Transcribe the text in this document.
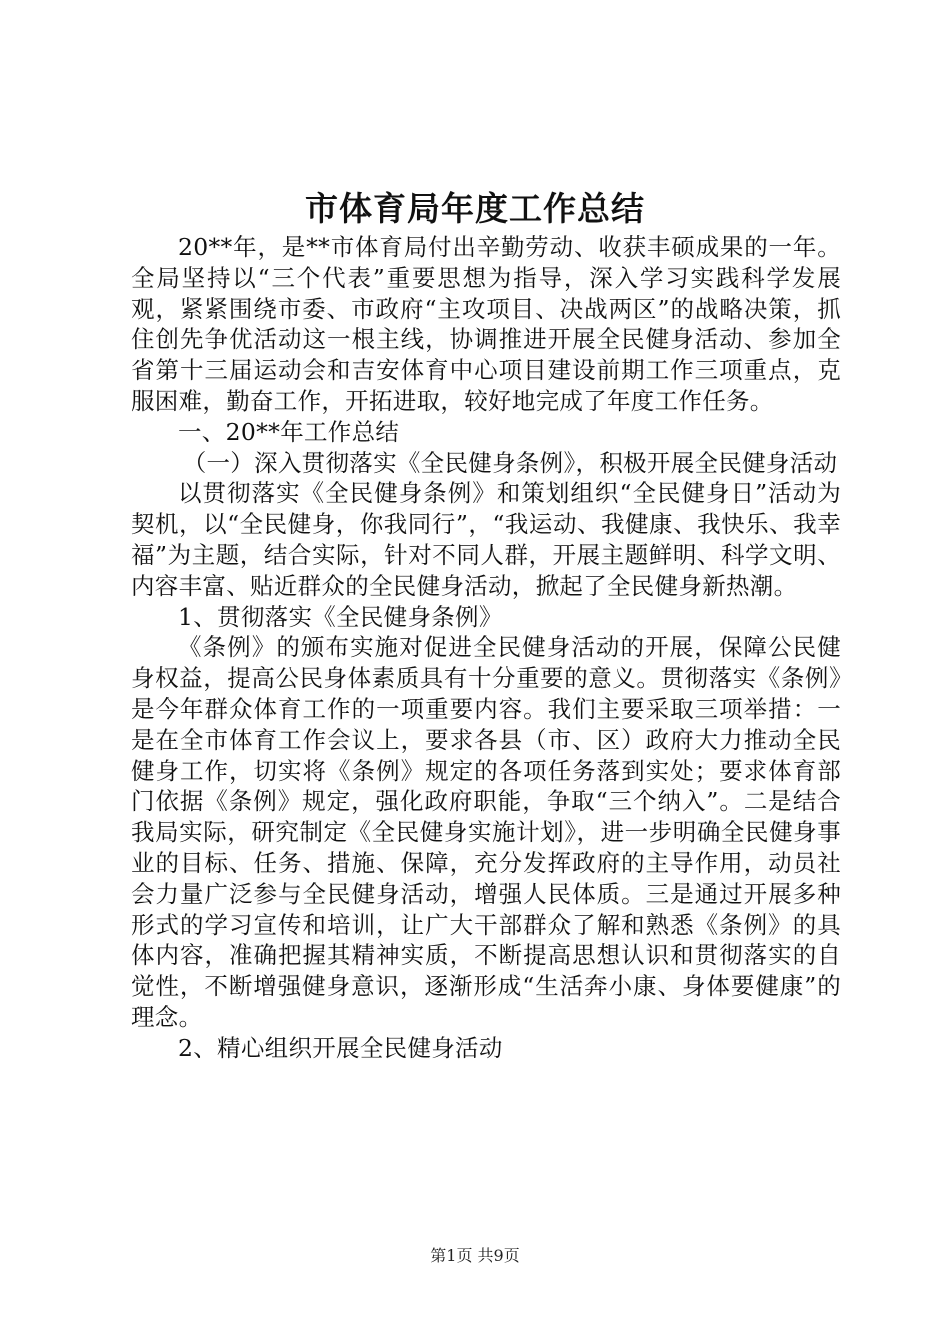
市体育局年度工作总结

20**年，是**市体育局付出辛勤劳动、收获丰硕成果的一年。全局坚持以“三个代表”重要思想为指导，深入学习实践科学发展观，紧紧围绕市委、市政府“主攻项目、决战两区”的战略决策，抓住创先争优活动这一根主线，协调推进开展全民健身活动、参加全省第十三届运动会和吉安体育中心项目建设前期工作三项重点，克服困难，勤奋工作，开拓进取，较好地完成了年度工作任务。

一、20**年工作总结

（一）深入贯彻落实《全民健身条例》，积极开展全民健身活动

以贯彻落实《全民健身条例》和策划组织“全民健身日”活动为契机，以“全民健身，你我同行”，“我运动、我健康、我快乐、我幸福”为主题，结合实际，针对不同人群，开展主题鲜明、科学文明、内容丰富、贴近群众的全民健身活动，掀起了全民健身新热潮。

1、贯彻落实《全民健身条例》

《条例》的颁布实施对促进全民健身活动的开展，保障公民健身权益，提高公民身体素质具有十分重要的意义。贯彻落实《条例》是今年群众体育工作的一项重要内容。我们主要采取三项举措：一是在全市体育工作会议上，要求各县（市、区）政府大力推动全民健身工作，切实将《条例》规定的各项任务落到实处；要求体育部门依据《条例》规定，强化政府职能，争取“三个纳入”。二是结合我局实际，研究制定《全民健身实施计划》，进一步明确全民健身事业的目标、任务、措施、保障，充分发挥政府的主导作用，动员社会力量广泛参与全民健身活动，增强人民体质。三是通过开展多种形式的学习宣传和培训，让广大干部群众了解和熟悉《条例》的具体内容，准确把握其精神实质，不断提高思想认识和贯彻落实的自觉性，不断增强健身意识，逐渐形成“生活奔小康、身体要健康”的理念。

2、精心组织开展全民健身活动

第1页 共9页
